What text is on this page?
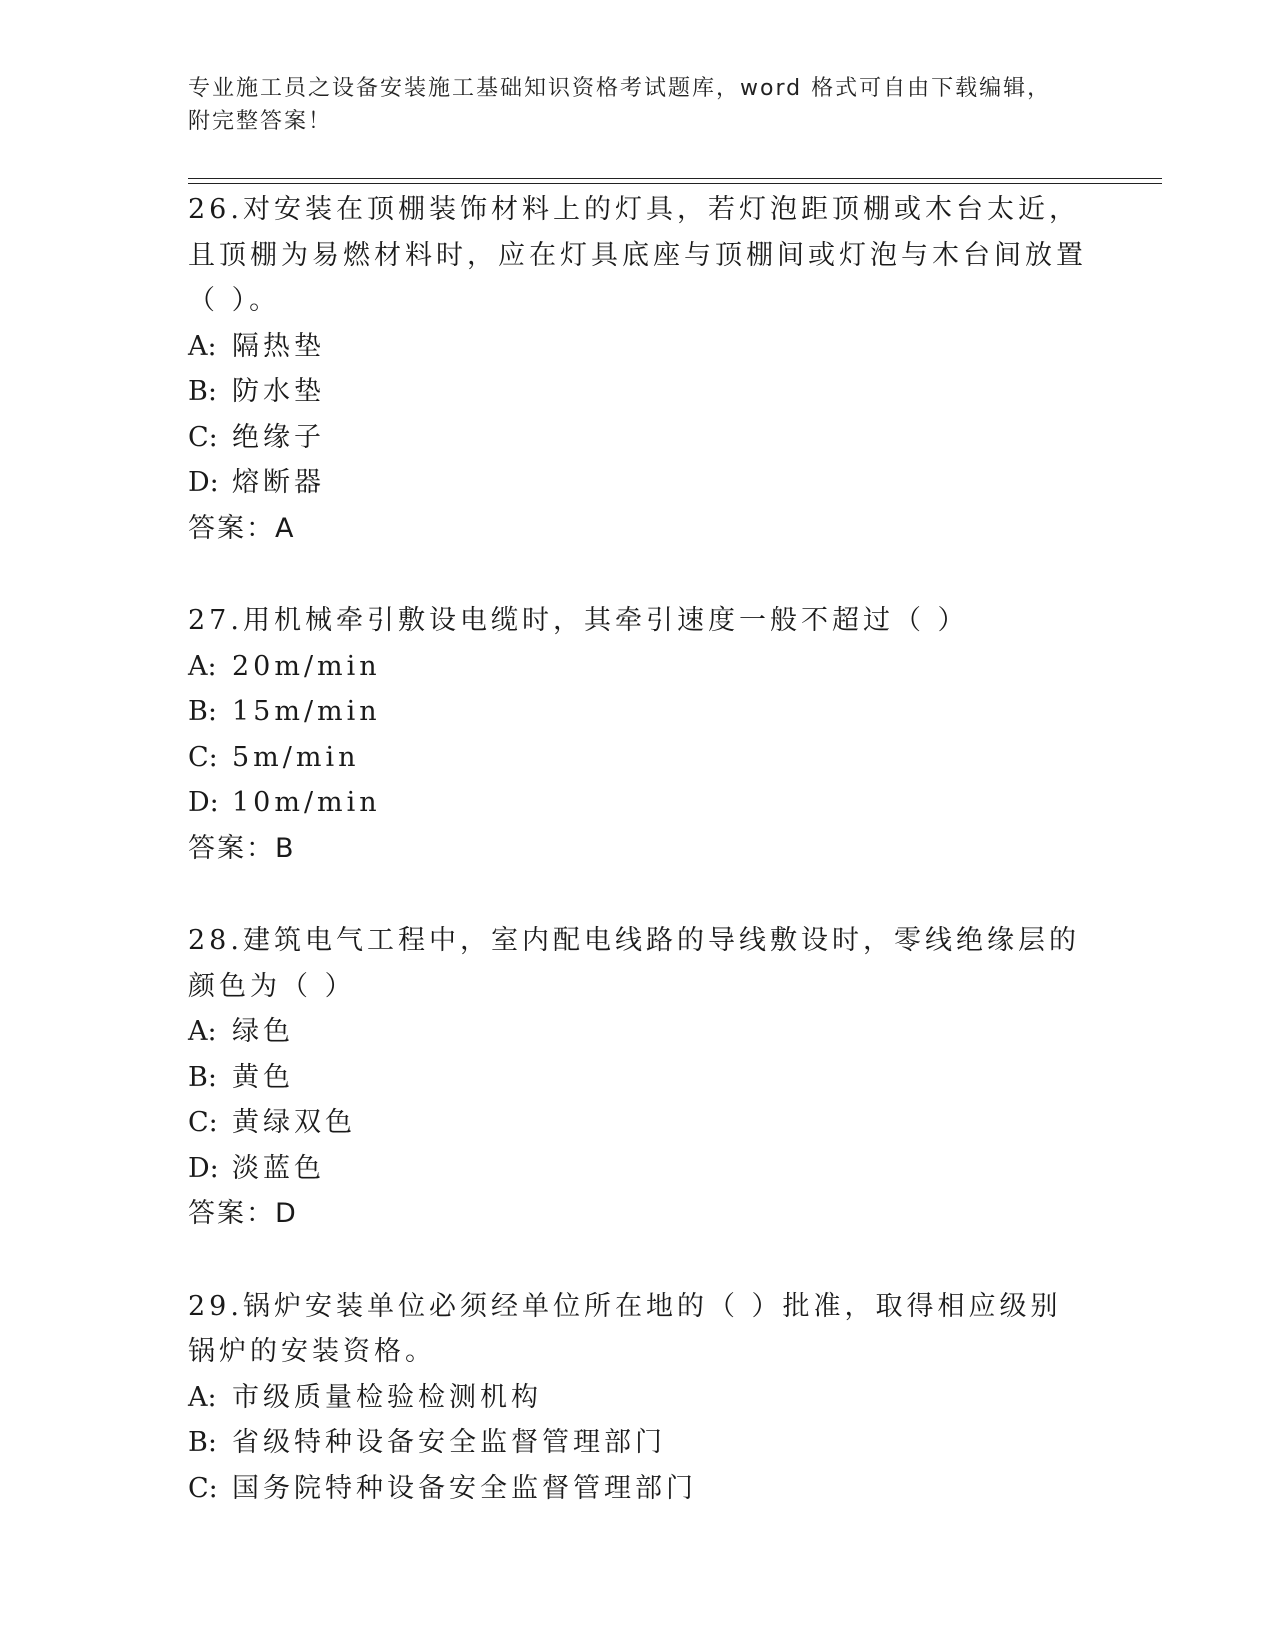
专业施工员之设备安装施工基础知识资格考试题库，word 格式可自由下载编辑，
附完整答案！
26.对安装在顶棚装饰材料上的灯具，若灯泡距顶棚或木台太近，且顶棚为易燃材料时，应在灯具底座与顶棚间或灯泡与木台间放置（ ）。
A: 隔热垫
B: 防水垫
C: 绝缘子
D: 熔断器
答案：A
27.用机械牵引敷设电缆时，其牵引速度一般不超过（ ）
A: 20m/min
B: 15m/min
C: 5m/min
D: 10m/min
答案：B
28.建筑电气工程中，室内配电线路的导线敷设时，零线绝缘层的颜色为（ ）
A: 绿色
B: 黄色
C: 黄绿双色
D: 淡蓝色
答案：D
29.锅炉安装单位必须经单位所在地的（ ）批准，取得相应级别锅炉的安装资格。
A: 市级质量检验检测机构
B: 省级特种设备安全监督管理部门
C: 国务院特种设备安全监督管理部门
